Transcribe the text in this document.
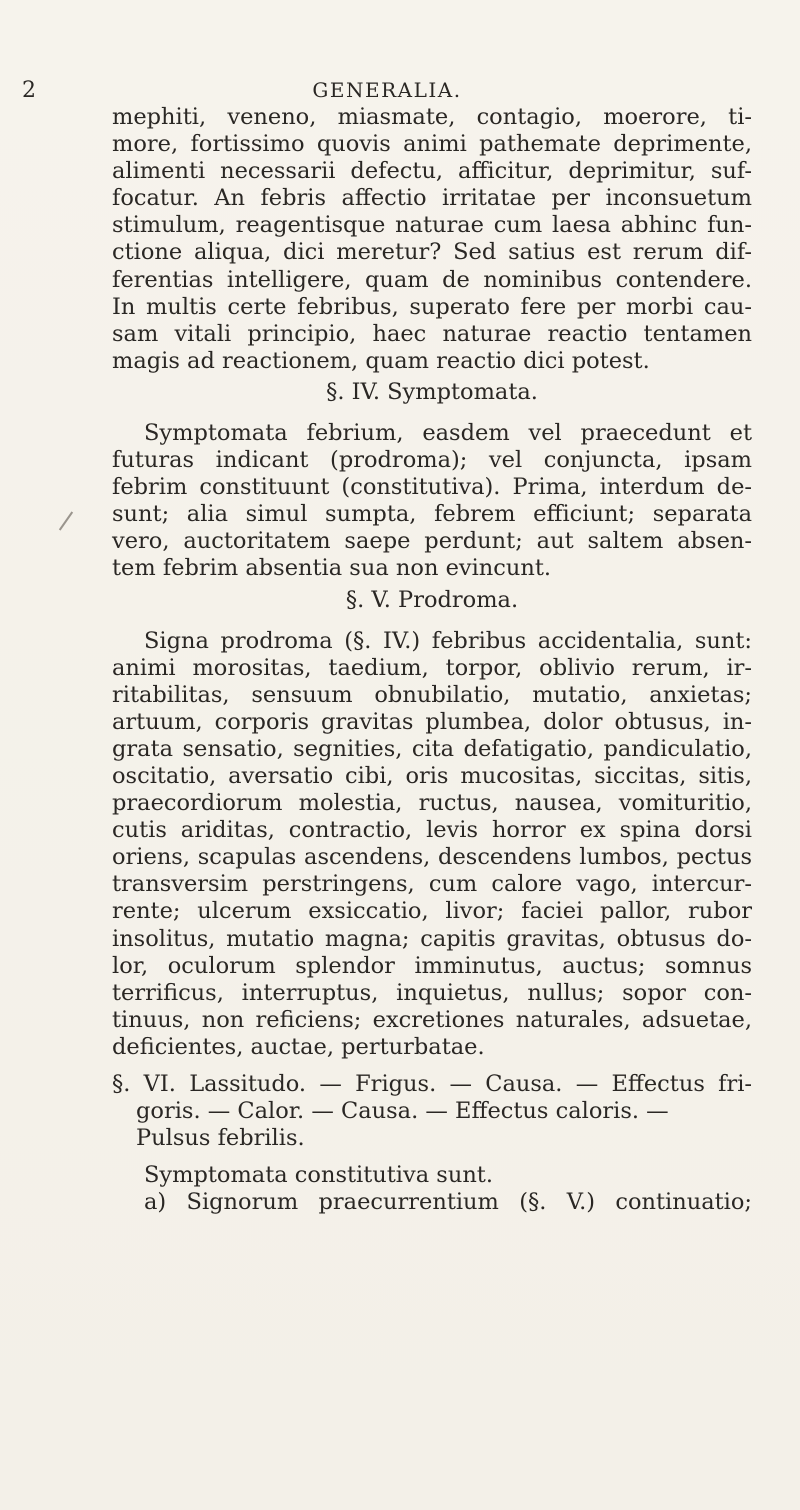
2	GENERALIA.
mephiti, veneno, miasmate, contagio, moerore, ti-
more, fortissimo quovis animi pathemate deprimente,
alimenti necessarii defectu, afficitur, deprimitur, suf-
focatur. An febris affectio irritatae per inconsuetum
stimulum, reagentisque naturae cum laesa abhinc fun-
ctione aliqua, dici meretur? Sed satius est rerum dif-
ferentias intelligere, quam de nominibus contendere.
In multis certe febribus, superato fere per morbi cau-
sam vitali principio, haec naturae reactio tentamen
magis ad reactionem, quam reactio dici potest.
§. IV. Symptomata.
Symptomata febrium, easdem vel praecedunt et
futuras indicant (prodroma); vel conjuncta, ipsam
febrim constituunt (constitutiva). Prima, interdum de-
sunt; alia simul sumpta, febrem efficiunt; separata
vero, auctoritatem saepe perdunt; aut saltem absen-
tem febrim absentia sua non evincunt.
§. V. Prodroma.
Signa prodroma (§. IV.) febribus accidentalia, sunt:
animi morositas, taedium, torpor, oblivio rerum, ir-
ritabilitas, sensuum obnubilatio, mutatio, anxietas;
artuum, corporis gravitas plumbea, dolor obtusus, in-
grata sensatio, segnities, cita defatigatio, pandiculatio,
oscitatio, aversatio cibi, oris mucositas, siccitas, sitis,
praecordiorum molestia, ructus, nausea, vomituritio,
cutis ariditas, contractio, levis horror ex spina dorsi
oriens, scapulas ascendens, descendens lumbos, pectus
transversim perstringens, cum calore vago, intercur-
rente; ulcerum exsiccatio, livor; faciei pallor, rubor
insolitus, mutatio magna; capitis gravitas, obtusus do-
lor, oculorum splendor imminutus, auctus; somnus
terrificus, interruptus, inquietus, nullus; sopor con-
tinuus, non reficiens; excretiones naturales, adsuetae,
deficientes, auctae, perturbatae.
§. VI. Lassitudo. — Frigus. — Causa. — Effectus fri-
goris. — Calor. — Causa. — Effectus caloris. —
Pulsus febrilis.
Symptomata constitutiva sunt.
a) Signorum praecurrentium (§. V.) continuatio;
